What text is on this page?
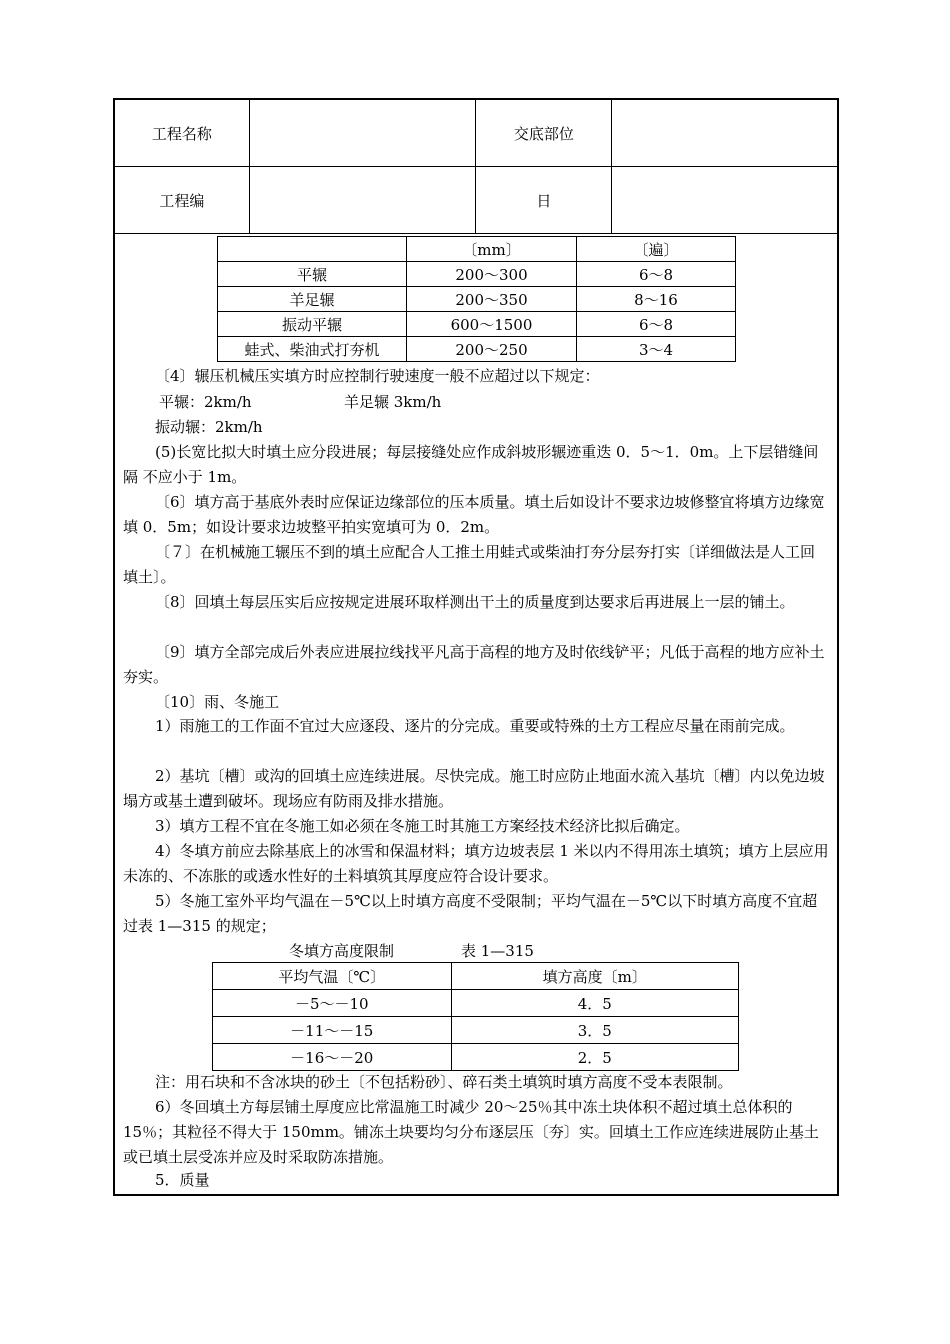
工程名称		交底部位	
工程编		日	
	〔mm〕	〔遍〕
平辗	200～300	6～8
羊足辗	200～350	8～16
振动平辗	600～1500	6～8
蛙式、柴油式打夯机	200～250	3～4
〔4〕辗压机械压实填方时应控制行驶速度一般不应超过以下规定：
平辗：2km/h	羊足辗 3km/h
振动辗：2km/h
(5)长宽比拟大时填土应分段进展；每层接缝处应作成斜坡形辗迹重迭 0．5～1．0m。上下层错缝间隔 不应小于 1m。
〔6〕填方高于基底外表时应保证边缘部位的压本质量。填土后如设计不要求边坡修整宜将填方边缘宽填 0．5m；如设计要求边坡整平拍实宽填可为 0．2m。
〔７〕在机械施工辗压不到的填土应配合人工推土用蛙式或柴油打夯分层夯打实〔详细做法是人工回填土〕。
〔8〕回填土每层压实后应按规定进展环取样测出干土的质量度到达要求后再进展上一层的铺土。
〔9〕填方全部完成后外表应进展拉线找平凡高于高程的地方及时依线铲平；凡低于高程的地方应补土夯实。
〔10〕雨、冬施工
1）雨施工的工作面不宜过大应逐段、逐片的分完成。重要或特殊的土方工程应尽量在雨前完成。
2）基坑〔槽〕或沟的回填土应连续进展。尽快完成。施工时应防止地面水流入基坑〔槽〕内以免边坡塌方或基土遭到破坏。现场应有防雨及排水措施。
3）填方工程不宜在冬施工如必须在冬施工时其施工方案经技术经济比拟后确定。
4）冬填方前应去除基底上的冰雪和保温材料；填方边坡表层 1 米以内不得用冻土填筑；填方上层应用未冻的、不冻胀的或透水性好的土料填筑其厚度应符合设计要求。
5）冬施工室外平均气温在－5℃以上时填方高度不受限制；平均气温在－5℃以下时填方高度不宜超过表 1—315 的规定；
冬填方高度限制	表 1—315
平均气温〔℃〕	填方高度〔m〕
－5～－10	4．5
－11～－15	3．5
－16～－20	2．5
注：用石块和不含冰块的砂土〔不包括粉砂〕、碎石类土填筑时填方高度不受本表限制。
6）冬回填土方每层铺土厚度应比常温施工时减少 20～25％其中冻土块体积不超过填土总体积的 15％；其粒径不得大于 150mm。铺冻土块要均匀分布逐层压〔夯〕实。回填土工作应连续进展防止基土或已填土层受冻并应及时采取防冻措施。
5．质量
